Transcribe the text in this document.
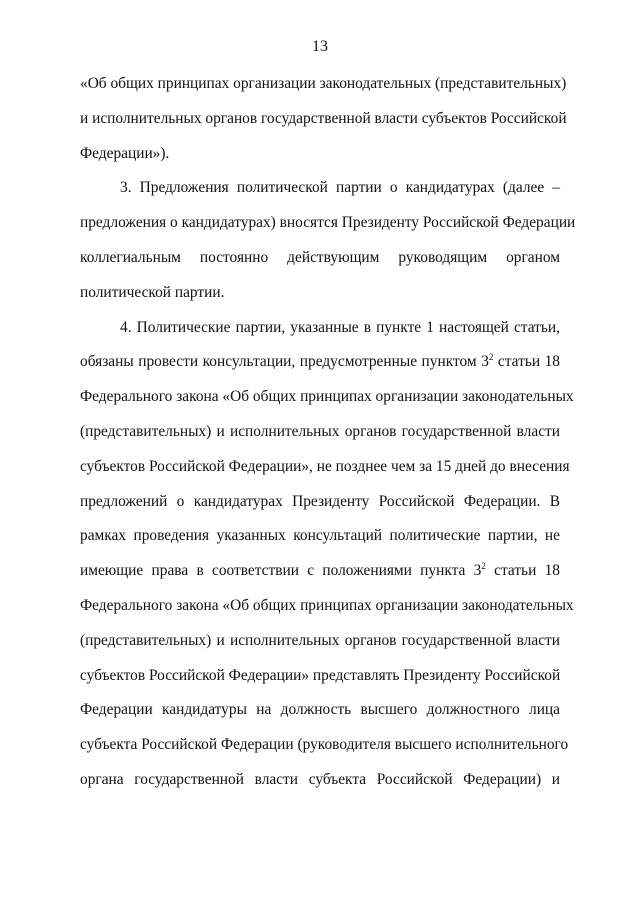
13
«Об общих принципах организации законодательных (представительных)
и исполнительных органов государственной власти субъектов Российской
Федерации»).
3. Предложения политической партии о кандидатурах (далее –
предложения о кандидатурах) вносятся Президенту Российской Федерации
коллегиальным постоянно действующим руководящим органом
политической партии.
4. Политические партии, указанные в пункте 1 настоящей статьи,
обязаны провести консультации, предусмотренные пунктом $3^2$ статьи 18
Федерального закона «Об общих принципах организации законодательных
(представительных) и исполнительных органов государственной власти
субъектов Российской Федерации», не позднее чем за 15 дней до внесения
предложений о кандидатурах Президенту Российской Федерации. В
рамках проведения указанных консультаций политические партии, не
имеющие права в соответствии с положениями пункта $3^2$ статьи 18
Федерального закона «Об общих принципах организации законодательных
(представительных) и исполнительных органов государственной власти
субъектов Российской Федерации» представлять Президенту Российской
Федерации кандидатуры на должность высшего должностного лица
субъекта Российской Федерации (руководителя высшего исполнительного
органа государственной власти субъекта Российской Федерации) и
